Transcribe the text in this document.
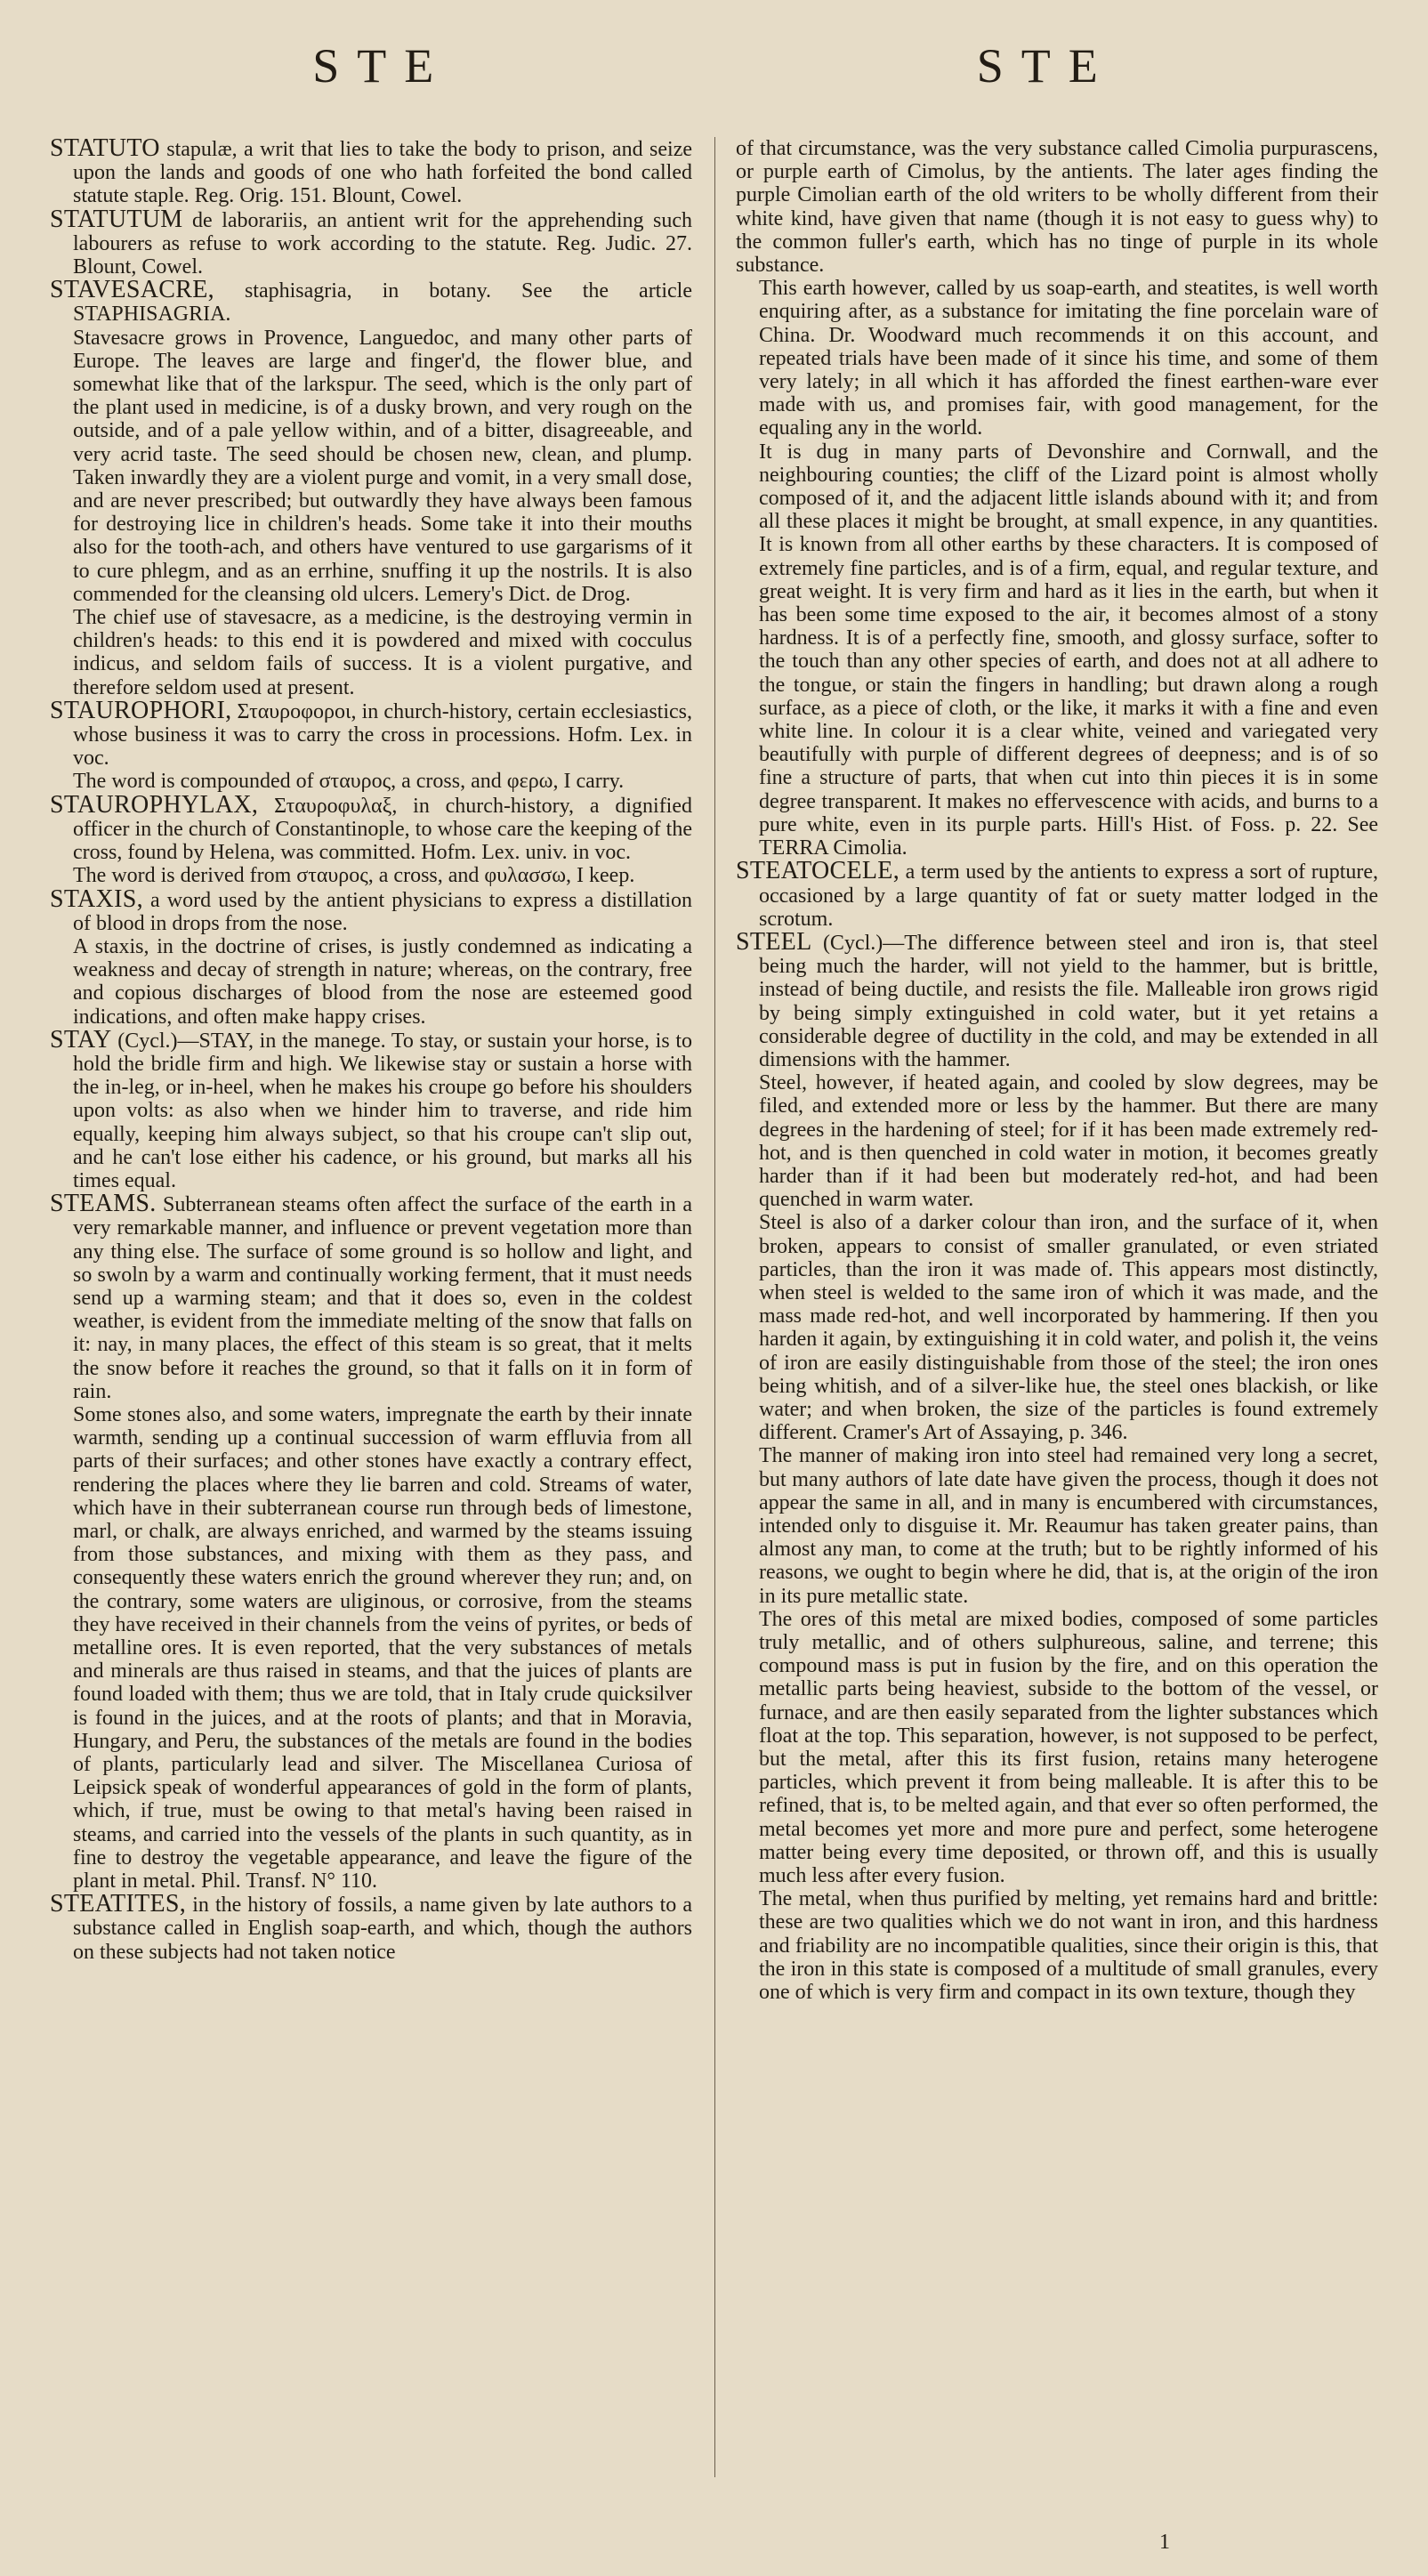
STE	STE

STATUTO stapulæ, a writ that lies to take the body to prison, and seize upon the lands and goods of one who hath forfeited the bond called statute staple. Reg. Orig. 151. Blount, Cowel.

STATUTUM de laborariis, an antient writ for the apprehending such labourers as refuse to work according to the statute. Reg. Judic. 27. Blount, Cowel.

STAVESACRE, staphisagria, in botany. See the article STAPHISAGRIA.

Stavesacre grows in Provence, Languedoc, and many other parts of Europe. The leaves are large and finger'd, the flower blue, and somewhat like that of the larkspur. The seed, which is the only part of the plant used in medicine, is of a dusky brown, and very rough on the outside, and of a pale yellow within, and of a bitter, disagreeable, and very acrid taste. The seed should be chosen new, clean, and plump. Taken inwardly they are a violent purge and vomit, in a very small dose, and are never prescribed; but outwardly they have always been famous for destroying lice in children's heads. Some take it into their mouths also for the tooth-ach, and others have ventured to use gargarisms of it to cure phlegm, and as an errhine, snuffing it up the nostrils. It is also commended for the cleansing old ulcers. Lemery's Dict. de Drog.

The chief use of stavesacre, as a medicine, is the destroying vermin in children's heads: to this end it is powdered and mixed with cocculus indicus, and seldom fails of success. It is a violent purgative, and therefore seldom used at present.

STAUROPHORI, Σταυροφοροι, in church-history, certain ecclesiastics, whose business it was to carry the cross in processions. Hofm. Lex. in voc.

The word is compounded of σταυρος, a cross, and φερω, I carry.

STAUROPHYLAX, Σταυροφυλαξ, in church-history, a dignified officer in the church of Constantinople, to whose care the keeping of the cross, found by Helena, was committed. Hofm. Lex. univ. in voc.

The word is derived from σταυρος, a cross, and φυλασσω, I keep.

STAXIS, a word used by the antient physicians to express a distillation of blood in drops from the nose.

A staxis, in the doctrine of crises, is justly condemned as indicating a weakness and decay of strength in nature; whereas, on the contrary, free and copious discharges of blood from the nose are esteemed good indications, and often make happy crises.

STAY (Cycl.)—STAY, in the manege. To stay, or sustain your horse, is to hold the bridle firm and high. We likewise stay or sustain a horse with the in-leg, or in-heel, when he makes his croupe go before his shoulders upon volts: as also when we hinder him to traverse, and ride him equally, keeping him always subject, so that his croupe can't slip out, and he can't lose either his cadence, or his ground, but marks all his times equal.

STEAMS. Subterranean steams often affect the surface of the earth in a very remarkable manner, and influence or prevent vegetation more than any thing else. The surface of some ground is so hollow and light, and so swoln by a warm and continually working ferment, that it must needs send up a warming steam; and that it does so, even in the coldest weather, is evident from the immediate melting of the snow that falls on it: nay, in many places, the effect of this steam is so great, that it melts the snow before it reaches the ground, so that it falls on it in form of rain.

Some stones also, and some waters, impregnate the earth by their innate warmth, sending up a continual succession of warm effluvia from all parts of their surfaces; and other stones have exactly a contrary effect, rendering the places where they lie barren and cold. Streams of water, which have in their subterranean course run through beds of limestone, marl, or chalk, are always enriched, and warmed by the steams issuing from those substances, and mixing with them as they pass, and consequently these waters enrich the ground wherever they run; and, on the contrary, some waters are uliginous, or corrosive, from the steams they have received in their channels from the veins of pyrites, or beds of metalline ores. It is even reported, that the very substances of metals and minerals are thus raised in steams, and that the juices of plants are found loaded with them; thus we are told, that in Italy crude quicksilver is found in the juices, and at the roots of plants; and that in Moravia, Hungary, and Peru, the substances of the metals are found in the bodies of plants, particularly lead and silver. The Miscellanea Curiosa of Leipsick speak of wonderful appearances of gold in the form of plants, which, if true, must be owing to that metal's having been raised in steams, and carried into the vessels of the plants in such quantity, as in fine to destroy the vegetable appearance, and leave the figure of the plant in metal. Phil. Transf. N° 110.

STEATITES, in the history of fossils, a name given by late authors to a substance called in English soap-earth, and which, though the authors on these subjects had not taken notice

of that circumstance, was the very substance called Cimolia purpurascens, or purple earth of Cimolus, by the antients. The later ages finding the purple Cimolian earth of the old writers to be wholly different from their white kind, have given that name (though it is not easy to guess why) to the common fuller's earth, which has no tinge of purple in its whole substance.

This earth however, called by us soap-earth, and steatites, is well worth enquiring after, as a substance for imitating the fine porcelain ware of China. Dr. Woodward much recommends it on this account, and repeated trials have been made of it since his time, and some of them very lately; in all which it has afforded the finest earthen-ware ever made with us, and promises fair, with good management, for the equaling any in the world.

It is dug in many parts of Devonshire and Cornwall, and the neighbouring counties; the cliff of the Lizard point is almost wholly composed of it, and the adjacent little islands abound with it; and from all these places it might be brought, at small expence, in any quantities. It is known from all other earths by these characters. It is composed of extremely fine particles, and is of a firm, equal, and regular texture, and great weight. It is very firm and hard as it lies in the earth, but when it has been some time exposed to the air, it becomes almost of a stony hardness. It is of a perfectly fine, smooth, and glossy surface, softer to the touch than any other species of earth, and does not at all adhere to the tongue, or stain the fingers in handling; but drawn along a rough surface, as a piece of cloth, or the like, it marks it with a fine and even white line. In colour it is a clear white, veined and variegated very beautifully with purple of different degrees of deepness; and is of so fine a structure of parts, that when cut into thin pieces it is in some degree transparent. It makes no effervescence with acids, and burns to a pure white, even in its purple parts. Hill's Hist. of Foss. p. 22. See TERRA Cimolia.

STEATOCELE, a term used by the antients to express a sort of rupture, occasioned by a large quantity of fat or suety matter lodged in the scrotum.

STEEL (Cycl.)—The difference between steel and iron is, that steel being much the harder, will not yield to the hammer, but is brittle, instead of being ductile, and resists the file. Malleable iron grows rigid by being simply extinguished in cold water, but it yet retains a considerable degree of ductility in the cold, and may be extended in all dimensions with the hammer.

Steel, however, if heated again, and cooled by slow degrees, may be filed, and extended more or less by the hammer. But there are many degrees in the hardening of steel; for if it has been made extremely red-hot, and is then quenched in cold water in motion, it becomes greatly harder than if it had been but moderately red-hot, and had been quenched in warm water.

Steel is also of a darker colour than iron, and the surface of it, when broken, appears to consist of smaller granulated, or even striated particles, than the iron it was made of. This appears most distinctly, when steel is welded to the same iron of which it was made, and the mass made red-hot, and well incorporated by hammering. If then you harden it again, by extinguishing it in cold water, and polish it, the veins of iron are easily distinguishable from those of the steel; the iron ones being whitish, and of a silver-like hue, the steel ones blackish, or like water; and when broken, the size of the particles is found extremely different. Cramer's Art of Assaying, p. 346.

The manner of making iron into steel had remained very long a secret, but many authors of late date have given the process, though it does not appear the same in all, and in many is encumbered with circumstances, intended only to disguise it. Mr. Reaumur has taken greater pains, than almost any man, to come at the truth; but to be rightly informed of his reasons, we ought to begin where he did, that is, at the origin of the iron in its pure metallic state.

The ores of this metal are mixed bodies, composed of some particles truly metallic, and of others sulphureous, saline, and terrene; this compound mass is put in fusion by the fire, and on this operation the metallic parts being heaviest, subside to the bottom of the vessel, or furnace, and are then easily separated from the lighter substances which float at the top. This separation, however, is not supposed to be perfect, but the metal, after this its first fusion, retains many heterogene particles, which prevent it from being malleable. It is after this to be refined, that is, to be melted again, and that ever so often performed, the metal becomes yet more and more pure and perfect, some heterogene matter being every time deposited, or thrown off, and this is usually much less after every fusion.

The metal, when thus purified by melting, yet remains hard and brittle: these are two qualities which we do not want in iron, and this hardness and friability are no incompatible qualities, since their origin is this, that the iron in this state is composed of a multitude of small granules, every one of which is very firm and compact in its own texture, though they

1
